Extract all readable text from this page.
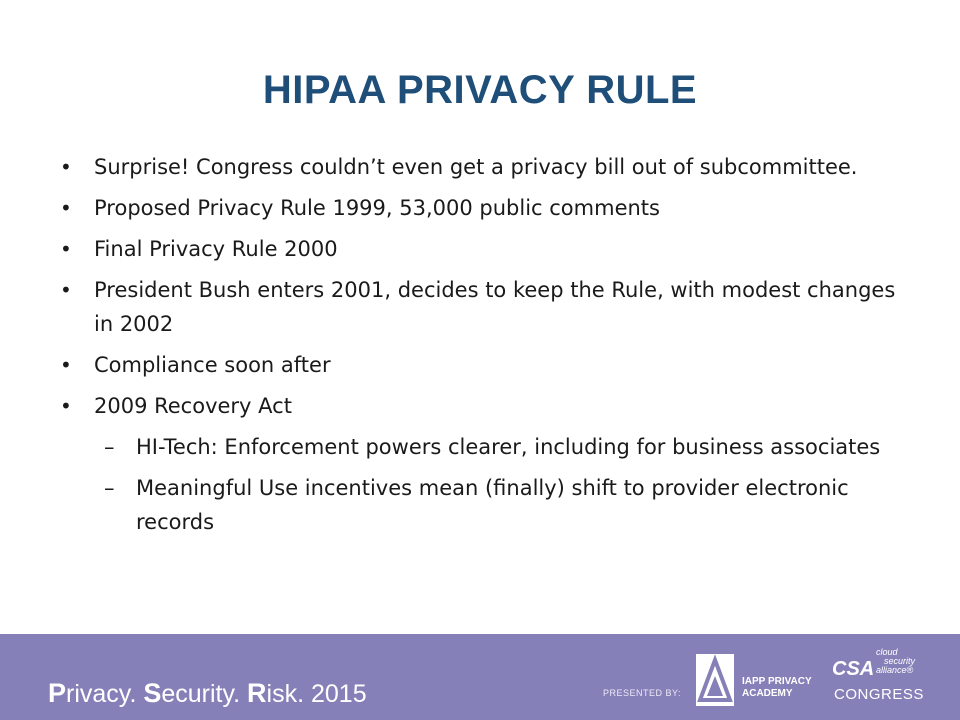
HIPAA PRIVACY RULE
• Surprise! Congress couldn’t even get a privacy bill out of subcommittee.
• Proposed Privacy Rule 1999, 53,000 public comments
• Final Privacy Rule 2000
• President Bush enters 2001, decides to keep the Rule, with modest changes in 2002
• Compliance soon after
• 2009 Recovery Act
– HI-Tech: Enforcement powers clearer, including for business associates
– Meaningful Use incentives mean (finally) shift to provider electronic records
Privacy. Security. Risk. 2015	PRESENTED BY:
IAPP PRIVACY
ACADEMY
CSA
cloud
security
alliance®
CONGRESS
